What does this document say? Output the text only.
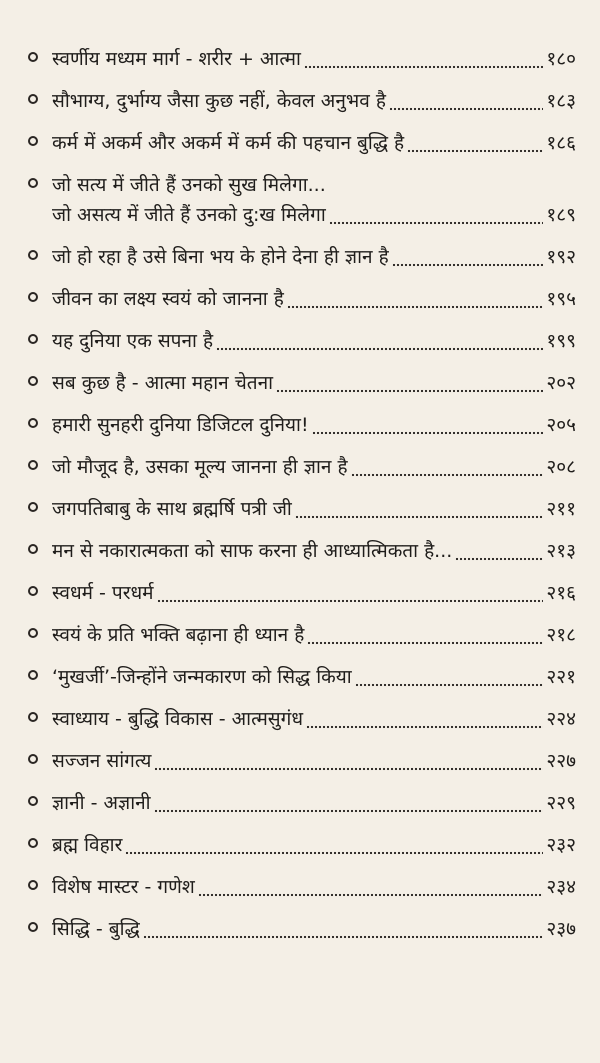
स्वर्णीय मध्यम मार्ग - शरीर + आत्मा	१८०
सौभाग्य, दुर्भाग्य जैसा कुछ नहीं, केवल अनुभव है	१८३
कर्म में अकर्म और अकर्म में कर्म की पहचान बुद्धि है	१८६
जो सत्य में जीते हैं उनको सुख मिलेगा...
जो असत्य में जीते हैं उनको दु:ख मिलेगा	१८९
जो हो रहा है उसे बिना भय के होने देना ही ज्ञान है	१९२
जीवन का लक्ष्य स्वयं को जानना है	१९५
यह दुनिया एक सपना है	१९९
सब कुछ है - आत्मा महान चेतना	२०२
हमारी सुनहरी दुनिया डिजिटल दुनिया!	२०५
जो मौजूद है, उसका मूल्य जानना ही ज्ञान है	२०८
जगपतिबाबु के साथ ब्रह्मर्षि पत्री जी	२११
मन से नकारात्मकता को साफ करना ही आध्यात्मिकता है...	२१३
स्वधर्म - परधर्म	२१६
स्वयं के प्रति भक्ति बढ़ाना ही ध्यान है	२१८
‘मुखर्जी’-जिन्होंने जन्मकारण को सिद्ध किया	२२१
स्वाध्याय - बुद्धि विकास - आत्मसुगंध	२२४
सज्जन सांगत्य	२२७
ज्ञानी - अज्ञानी	२२९
ब्रह्म विहार	२३२
विशेष मास्टर - गणेश	२३४
सिद्धि - बुद्धि	२३७
